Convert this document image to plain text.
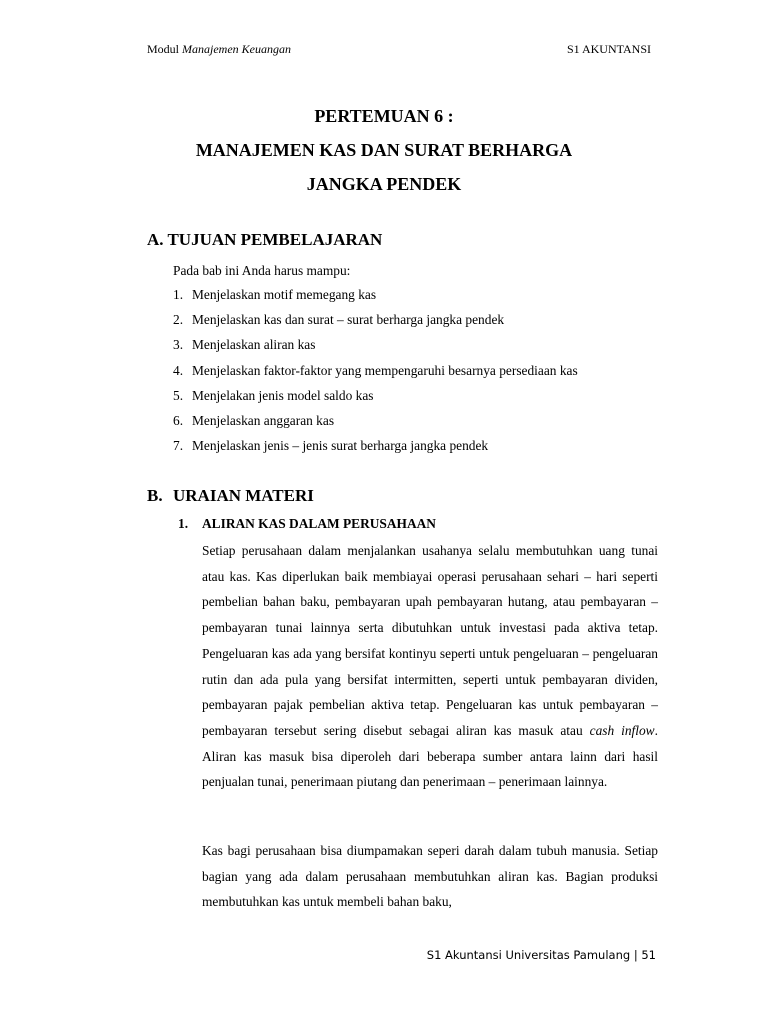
Modul Manajemen Keuangan	S1 AKUNTANSI
PERTEMUAN 6 :
MANAJEMEN KAS DAN SURAT BERHARGA
JANGKA PENDEK
A. TUJUAN PEMBELAJARAN
Pada bab ini Anda harus mampu:
1. Menjelaskan motif memegang kas
2. Menjelaskan kas dan surat – surat berharga jangka pendek
3. Menjelaskan aliran kas
4. Menjelaskan faktor-faktor yang mempengaruhi besarnya persediaan kas
5. Menjelakan jenis model saldo kas
6. Menjelaskan anggaran kas
7. Menjelaskan jenis – jenis surat berharga jangka pendek
B. URAIAN MATERI
1. ALIRAN KAS DALAM PERUSAHAAN

Setiap perusahaan dalam menjalankan usahanya selalu membutuhkan uang tunai atau kas. Kas diperlukan baik membiayai operasi perusahaan sehari – hari seperti pembelian bahan baku, pembayaran upah pembayaran hutang, atau pembayaran – pembayaran tunai lainnya serta dibutuhkan untuk investasi pada aktiva tetap. Pengeluaran kas ada yang bersifat kontinyu seperti untuk pengeluaran – pengeluaran rutin dan ada pula yang bersifat intermitten, seperti untuk pembayaran dividen, pembayaran pajak pembelian aktiva tetap. Pengeluaran kas untuk pembayaran – pembayaran tersebut sering disebut sebagai aliran kas masuk atau cash inflow. Aliran kas masuk bisa diperoleh dari beberapa sumber antara lainn dari hasil penjualan tunai, penerimaan piutang dan penerimaan – penerimaan lainnya.

Kas bagi perusahaan bisa diumpamakan seperi darah dalam tubuh manusia. Setiap bagian yang ada dalam perusahaan membutuhkan aliran kas. Bagian produksi membutuhkan kas untuk membeli bahan baku,

S1 Akuntansi Universitas Pamulang | 51
